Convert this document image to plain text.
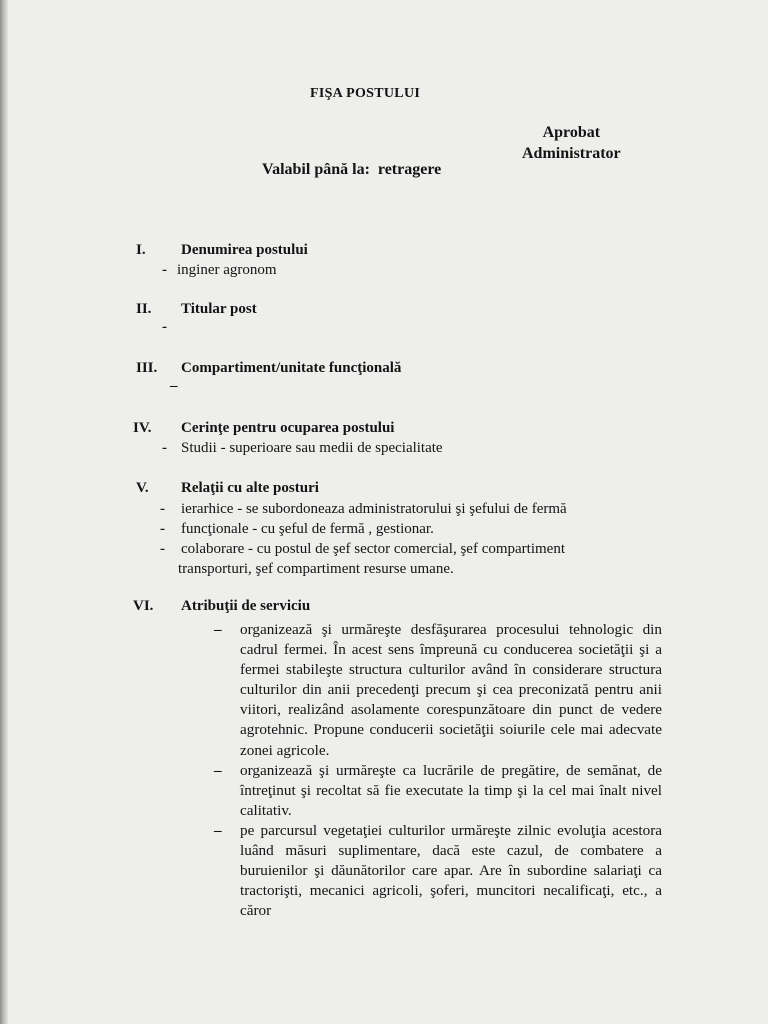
FIŞA POSTULUI
Aprobat
Administrator
Valabil până la: retragere
I. Denumirea postului
- inginer agronom
II. Titular post
-
III. Compartiment/unitate funcţională
–
IV. Cerinţe pentru ocuparea postului
- Studii - superioare sau medii de specialitate
V. Relaţii cu alte posturi
- ierarhice - se subordoneaza administratorului şi şefului de fermă
- funcţionale - cu şeful de fermă , gestionar.
- colaborare - cu postul de şef sector comercial, şef compartiment
transporturi, şef compartiment resurse umane.
VI. Atribuţii de serviciu

– organizează şi urmăreşte desfăşurarea procesului tehnologic din cadrul fermei. În acest sens împreună cu conducerea societăţii şi a fermei stabileşte structura culturilor având în considerare structura culturilor din anii precedenţi precum şi cea preconizată pentru anii viitori, realizând asolamente corespunzătoare din punct de vedere agrotehnic. Propune conducerii societăţii soiurile cele mai adecvate zonei agricole.

– organizează şi urmăreşte ca lucrările de pregătire, de semănat, de întreţinut şi recoltat să fie executate la timp şi la cel mai înalt nivel calitativ.

– pe parcursul vegetaţiei culturilor urmăreşte zilnic evoluţia acestora luând măsuri suplimentare, dacă este cazul, de combatere a buruienilor şi dăunătorilor care apar. Are în subordine salariaţi ca tractorişti, mecanici agricoli, şoferi, muncitori necalificaţi, etc., a căror
